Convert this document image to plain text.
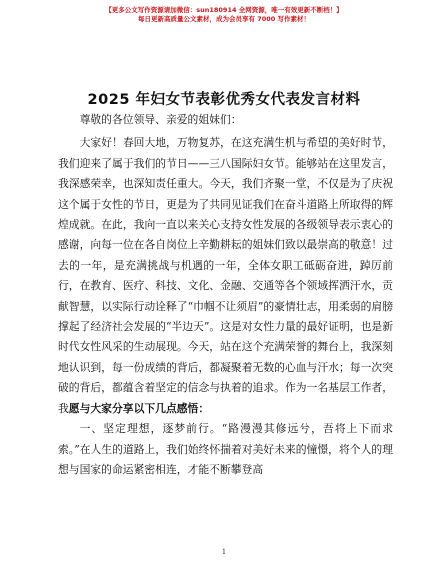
【更多公文写作资源请加微信：sun180914 全网资源，唯一有效更新不断档！】
每日更新高质量公文素材，成为会员享有 7000 写作素材！
2025 年妇女节表彰优秀女代表发言材料

尊敬的各位领导、亲爱的姐妹们：

大家好！春回大地，万物复苏，在这充满生机与希望的美好时节，我们迎来了属于我们的节日——三八国际妇女节。能够站在这里发言，我深感荣幸，也深知责任重大。今天，我们齐聚一堂，不仅是为了庆祝这个属于女性的节日，更是为了共同见证我们在奋斗道路上所取得的辉煌成就。在此，我向一直以来关心支持女性发展的各级领导表示衷心的感谢，向每一位在各自岗位上辛勤耕耘的姐妹们致以最崇高的敬意！过去的一年，是充满挑战与机遇的一年，全体女职工砥砺奋进，踔厉前行，在教育、医疗、科技、文化、金融、交通等各个领域挥洒汗水，贡献智慧，以实际行动诠释了“巾帼不让须眉”的豪情壮志，用柔弱的肩膀撑起了经济社会发展的“半边天”。这是对女性力量的最好证明，也是新时代女性风采的生动展现。今天，站在这个充满荣誉的舞台上，我深刻地认识到，每一份成绩的背后，都凝聚着无数的心血与汗水；每一次突破的背后，都蕴含着坚定的信念与执着的追求。作为一名基层工作者，我愿与大家分享以下几点感悟：

一、坚定理想，逐梦前行。“路漫漫其修远兮，吾将上下而求索。”在人生的道路上，我们始终怀揣着对美好未来的憧憬，将个人的理想与国家的命运紧密相连，才能不断攀登高

1
